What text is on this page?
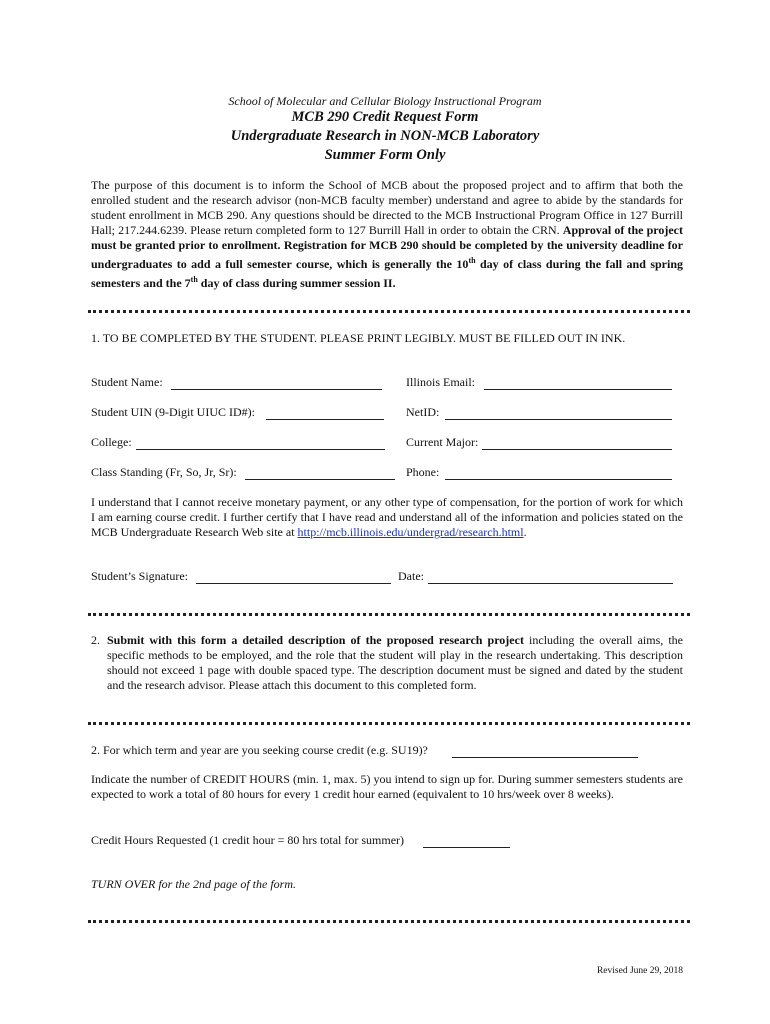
School of Molecular and Cellular Biology Instructional Program
MCB 290 Credit Request Form
Undergraduate Research in NON-MCB Laboratory
Summer Form Only
The purpose of this document is to inform the School of MCB about the proposed project and to affirm that both the enrolled student and the research advisor (non-MCB faculty member) understand and agree to abide by the standards for student enrollment in MCB 290. Any questions should be directed to the MCB Instructional Program Office in 127 Burrill Hall; 217.244.6239. Please return completed form to 127 Burrill Hall in order to obtain the CRN. Approval of the project must be granted prior to enrollment. Registration for MCB 290 should be completed by the university deadline for undergraduates to add a full semester course, which is generally the 10th day of class during the fall and spring semesters and the 7th day of class during summer session II.
1. TO BE COMPLETED BY THE STUDENT. PLEASE PRINT LEGIBLY. MUST BE FILLED OUT IN INK.
Student Name:	Illinois Email:
Student UIN (9-Digit UIUC ID#):	NetID:
College:	Current Major:
Class Standing (Fr, So, Jr, Sr):	Phone:
I understand that I cannot receive monetary payment, or any other type of compensation, for the portion of work for which I am earning course credit. I further certify that I have read and understand all of the information and policies stated on the MCB Undergraduate Research Web site at http://mcb.illinois.edu/undergrad/research.html.
Student’s Signature:	Date:
2. Submit with this form a detailed description of the proposed research project including the overall aims, the specific methods to be employed, and the role that the student will play in the research undertaking. This description should not exceed 1 page with double spaced type. The description document must be signed and dated by the student and the research advisor. Please attach this document to this completed form.
2. For which term and year are you seeking course credit (e.g. SU19)?
Indicate the number of CREDIT HOURS (min. 1, max. 5) you intend to sign up for. During summer semesters students are expected to work a total of 80 hours for every 1 credit hour earned (equivalent to 10 hrs/week over 8 weeks).
Credit Hours Requested (1 credit hour = 80 hrs total for summer)
TURN OVER for the 2nd page of the form.
Revised June 29, 2018
